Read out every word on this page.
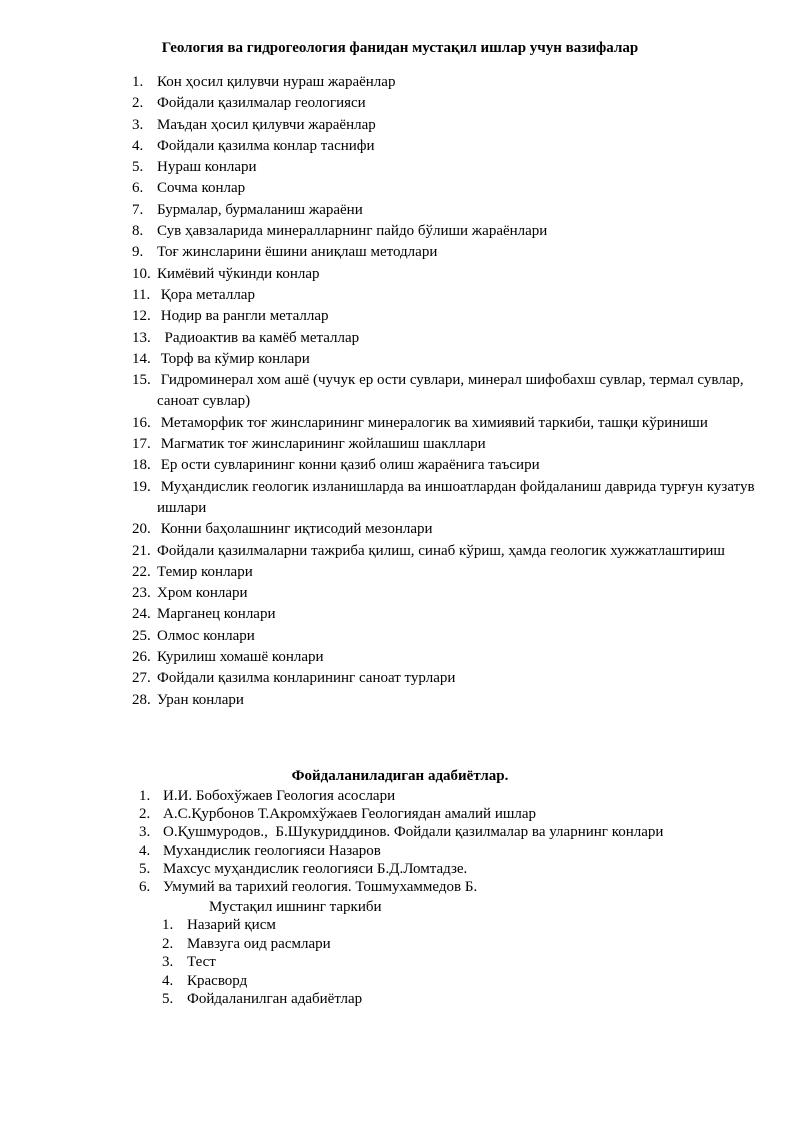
Геология ва гидрогеология фанидан мустақил ишлар учун вазифалар
1. Кон ҳосил қилувчи нураш жараёнлар
2. Фойдали қазилмалар геологияси
3. Маъдан ҳосил қилувчи жараёнлар
4. Фойдали қазилма конлар таснифи
5. Нураш конлари
6. Сочма конлар
7. Бурмалар, бурмаланиш жараёни
8. Сув ҳавзаларида минералларнинг пайдо бўлиши жараёнлари
9. Тоғ жинсларини ёшини аниқлаш методлари
10. Кимёвий чўкинди конлар
11. Қора металлар
12. Нодир ва рангли металлар
13. Радиоактив ва камёб металлар
14. Торф ва кўмир конлари
15. Гидроминерал хом ашё (чучук ер ости сувлари, минерал шифобахш сувлар, термал сувлар, саноат сувлар)
16. Метаморфик тоғ жинсларининг минералогик ва химиявий таркиби, ташқи кўриниши
17. Магматик тоғ жинсларининг жойлашиш шакллари
18. Ер ости сувларининг конни қазиб олиш жараёнига таъсири
19. Муҳандислик геологик изланишларда ва иншоатлардан фойдаланиш даврида турғун кузатув ишлари
20. Конни баҳолашнинг иқтисодий мезонлари
21. Фойдали қазилмаларни тажриба қилиш, синаб кўриш, ҳамда геологик хужжатлаштириш
22. Темир конлари
23. Хром конлари
24. Марганец конлари
25. Олмос конлари
26. Курилиш хомашё конлари
27. Фойдали қазилма конларининг саноат турлари
28. Уран конлари
Фойдаланиладиган адабиётлар.
1. И.И. Бобохўжаев Геология асослари
2. А.С.Қурбонов Т.Акромхўжаев Геологиядан амалий ишлар
3. О.Қушмуродов.,  Б.Шукуриддинов. Фойдали қазилмалар ва уларнинг конлари
4. Мухандислик геологияси Назаров
5. Махсус муҳандислик геологияси Б.Д.Ломтадзе.
6. Умумий ва тарихий геология. Тошмухаммедов Б.
Мустақил ишнинг таркиби
1. Назарий қисм
2. Мавзуга оид расмлари
3. Тест
4. Красворд
5. Фойдаланилган адабиётлар
